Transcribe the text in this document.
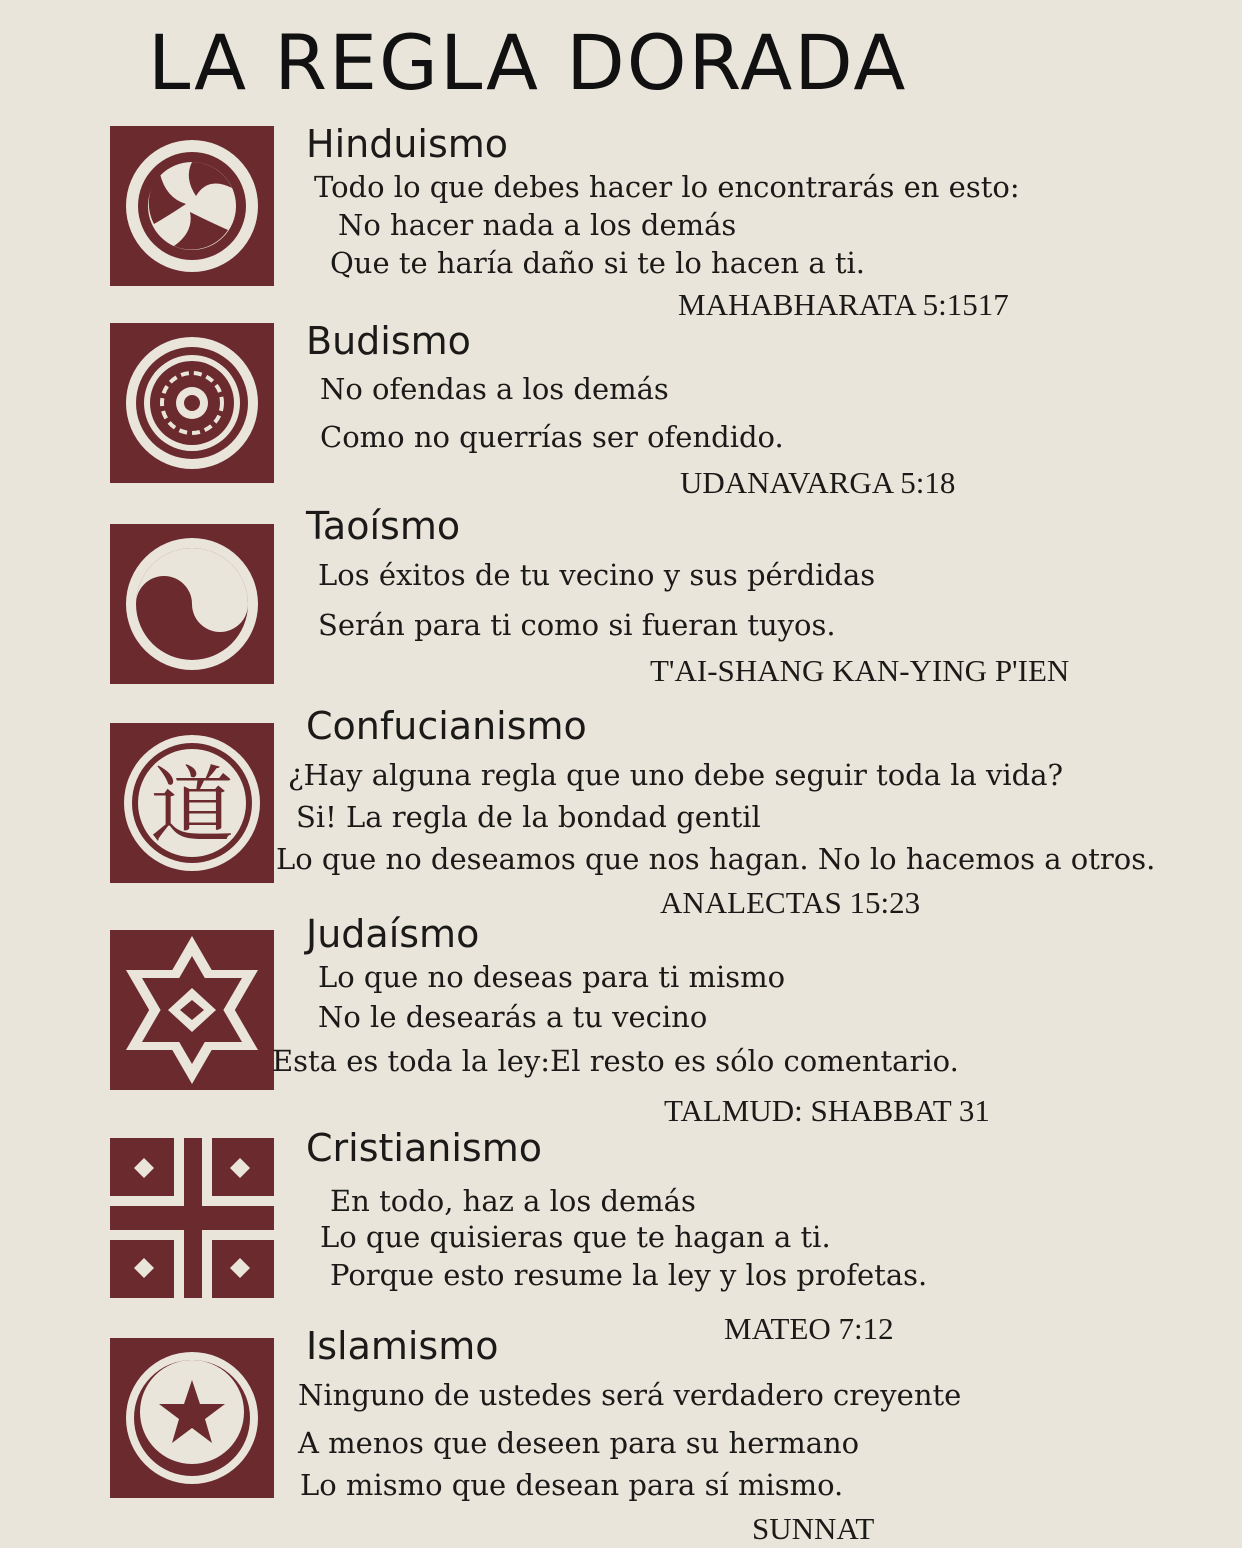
LA REGLA DORADA
Hinduismo
Todo lo que debes hacer lo encontrarás en esto:
No hacer nada a los demás
Que te haría daño si te lo hacen a ti.
MAHABHARATA 5:1517
Budismo
No ofendas a los demás
Como no querrías ser ofendido.
UDANAVARGA 5:18
Taoísmo
Los éxitos de tu vecino y sus pérdidas
Serán para ti como si fueran tuyos.
T'AI-SHANG KAN-YING P'IEN
道
Confucianismo
¿Hay alguna regla que uno debe seguir toda la vida?
Si! La regla de la bondad gentil
Lo que no deseamos que nos hagan. No lo hacemos a otros.
ANALECTAS 15:23
Judaísmo
Lo que no deseas para ti mismo
No le desearás a tu vecino
Esta es toda la ley:El resto es sólo comentario.
TALMUD: SHABBAT 31
Cristianismo
En todo, haz a los demás
Lo que quisieras que te hagan a ti.
Porque esto resume la ley y los profetas.
MATEO 7:12
Islamismo
Ninguno de ustedes será verdadero creyente
A menos que deseen para su hermano
Lo mismo que desean para sí mismo.
SUNNAT
